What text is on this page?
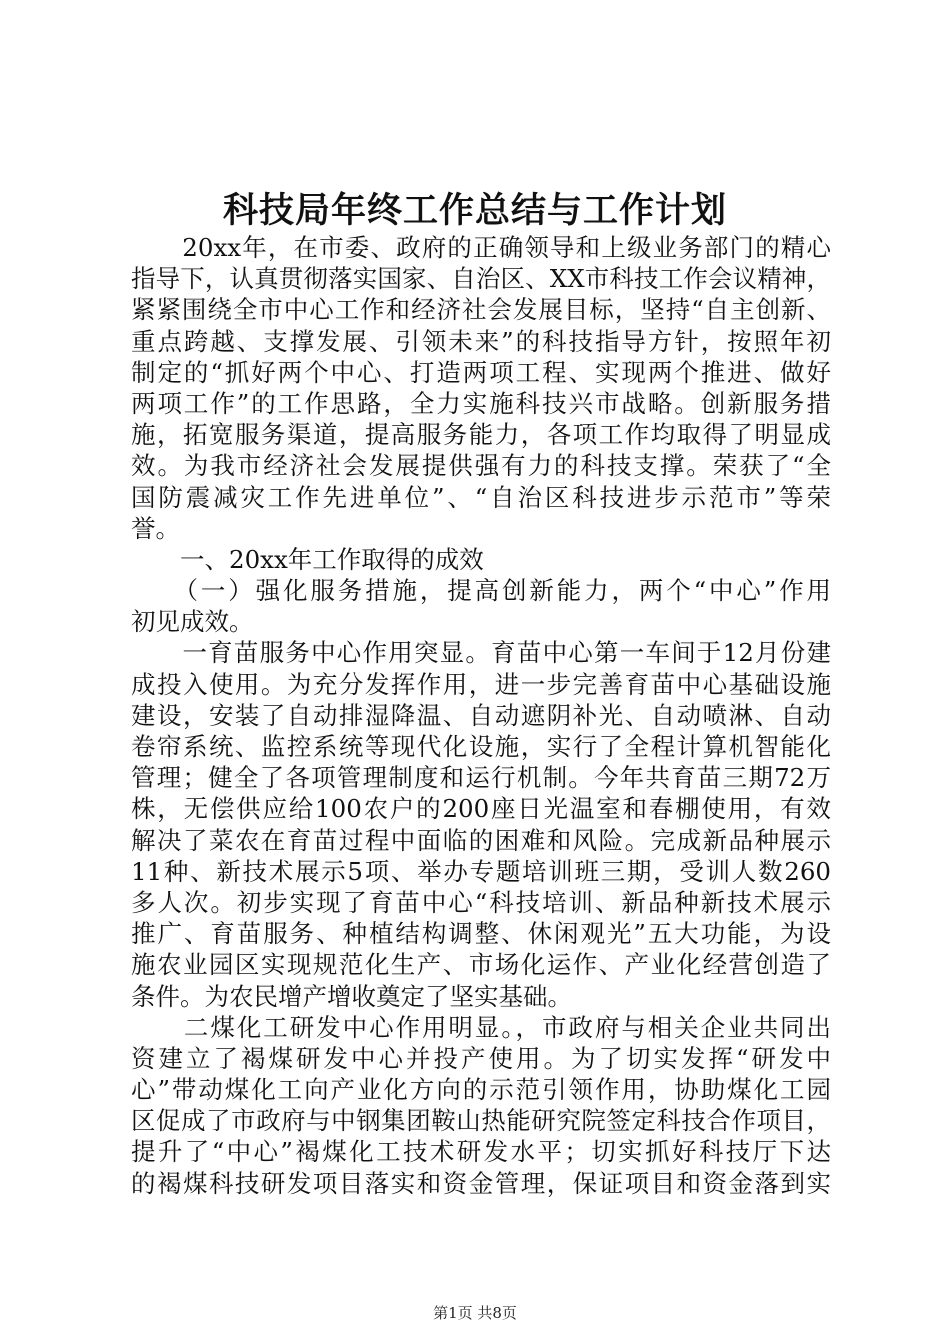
科技局年终工作总结与工作计划
　　20xx年，在市委、政府的正确领导和上级业务部门的精心
指导下，认真贯彻落实国家、自治区、XX市科技工作会议精神，
紧紧围绕全市中心工作和经济社会发展目标，坚持“自主创新、
重点跨越、支撑发展、引领未来”的科技指导方针，按照年初
制定的“抓好两个中心、打造两项工程、实现两个推进、做好
两项工作”的工作思路，全力实施科技兴市战略。创新服务措
施，拓宽服务渠道，提高服务能力，各项工作均取得了明显成
效。为我市经济社会发展提供强有力的科技支撑。荣获了“全
国防震减灾工作先进单位”、“自治区科技进步示范市”等荣
誉。
　　一、20xx年工作取得的成效
　　（一）强化服务措施，提高创新能力，两个“中心”作用
初见成效。
　　一育苗服务中心作用突显。育苗中心第一车间于12月份建
成投入使用。为充分发挥作用，进一步完善育苗中心基础设施
建设，安装了自动排湿降温、自动遮阴补光、自动喷淋、自动
卷帘系统、监控系统等现代化设施，实行了全程计算机智能化
管理；健全了各项管理制度和运行机制。今年共育苗三期72万
株，无偿供应给100农户的200座日光温室和春棚使用，有效
解决了菜农在育苗过程中面临的困难和风险。完成新品种展示
11种、新技术展示5项、举办专题培训班三期，受训人数260
多人次。初步实现了育苗中心“科技培训、新品种新技术展示
推广、育苗服务、种植结构调整、休闲观光”五大功能，为设
施农业园区实现规范化生产、市场化运作、产业化经营创造了
条件。为农民增产增收奠定了坚实基础。
　　二煤化工研发中心作用明显。，市政府与相关企业共同出
资建立了褐煤研发中心并投产使用。为了切实发挥“研发中
心”带动煤化工向产业化方向的示范引领作用，协助煤化工园
区促成了市政府与中钢集团鞍山热能研究院签定科技合作项目，
提升了“中心”褐煤化工技术研发水平；切实抓好科技厅下达
的褐煤科技研发项目落实和资金管理，保证项目和资金落到实
第1页 共8页
